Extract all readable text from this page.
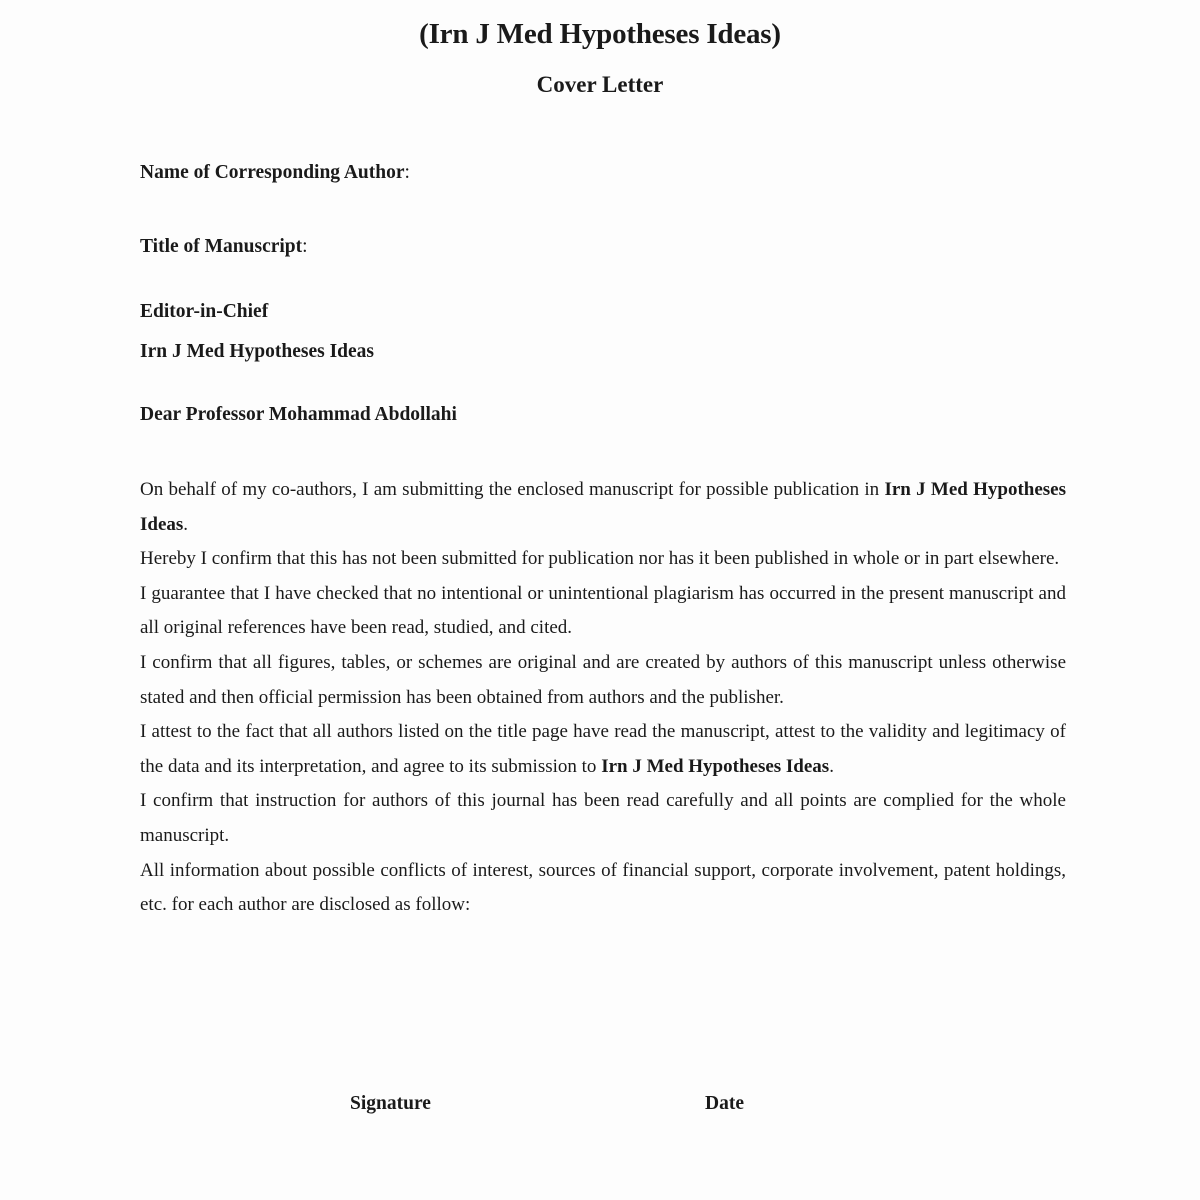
(Irn J Med Hypotheses Ideas)
Cover Letter

Name of Corresponding Author:

Title of Manuscript:

Editor-in-Chief

Irn J Med Hypotheses Ideas

Dear Professor Mohammad Abdollahi

On behalf of my co-authors, I am submitting the enclosed manuscript for possible publication in Irn J Med Hypotheses Ideas.

Hereby I confirm that this has not been submitted for publication nor has it been published in whole or in part elsewhere.

I guarantee that I have checked that no intentional or unintentional plagiarism has occurred in the present manuscript and all original references have been read, studied, and cited.

I confirm that all figures, tables, or schemes are original and are created by authors of this manuscript unless otherwise stated and then official permission has been obtained from authors and the publisher.

I attest to the fact that all authors listed on the title page have read the manuscript, attest to the validity and legitimacy of the data and its interpretation, and agree to its submission to Irn J Med Hypotheses Ideas.

I confirm that instruction for authors of this journal has been read carefully and all points are complied for the whole manuscript.

All information about possible conflicts of interest, sources of financial support, corporate involvement, patent holdings, etc. for each author are disclosed as follow:

Signature	Date
